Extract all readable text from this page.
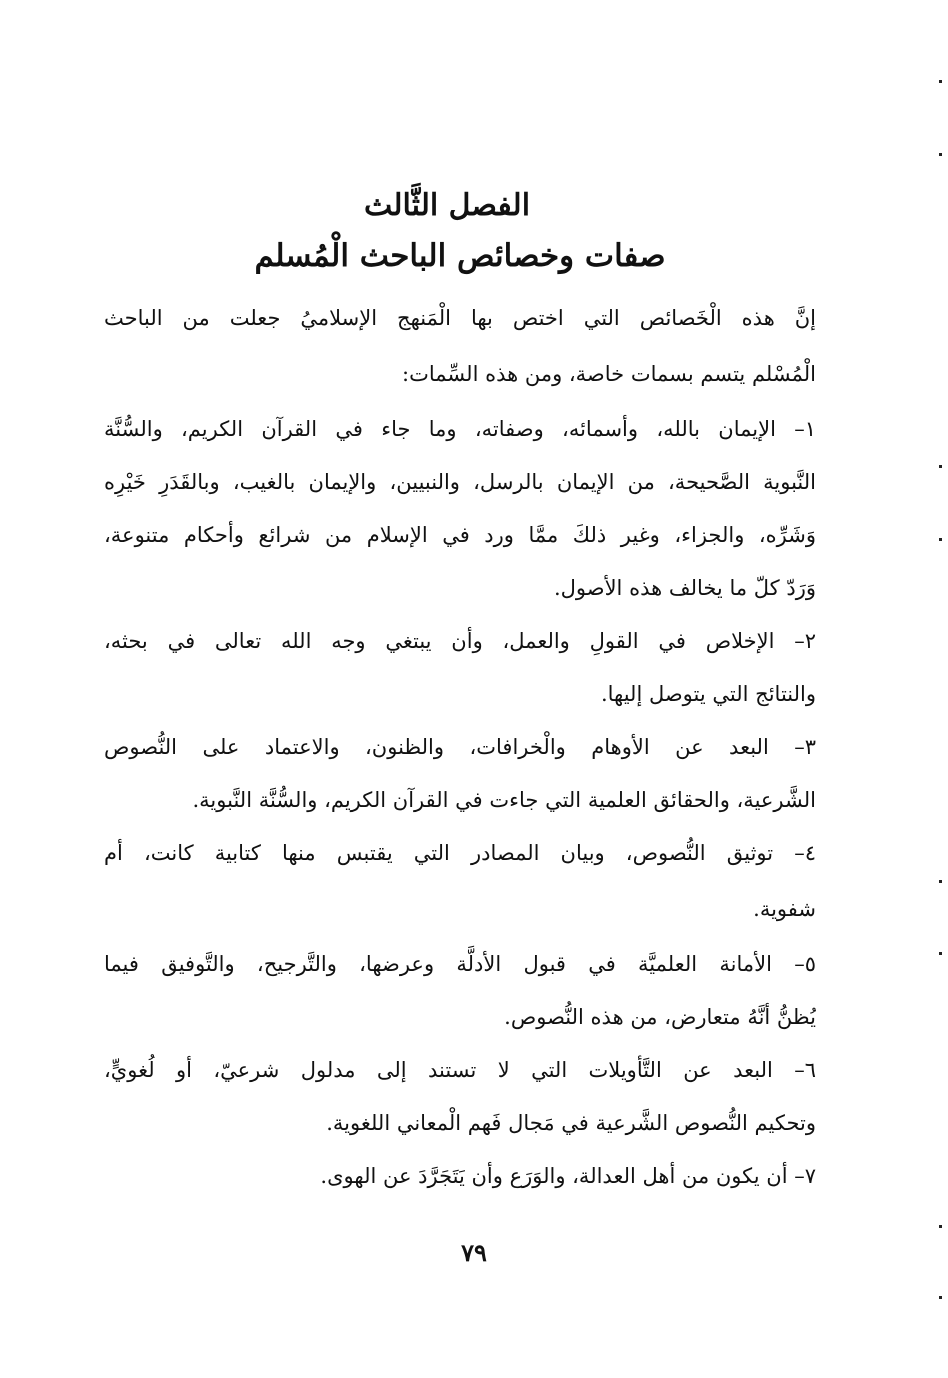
الفصل الثَّالث
صفات وخصائص الباحث الْمُسلم
إنَّ هذه الْخَصائص التي اختص بها الْمَنهج الإسلاميُ جعلت من الباحث
الْمُسْلم يتسم بسمات خاصة، ومن هذه السِّمات:
١– الإيمان بالله، وأسمائه، وصفاته، وما جاء في القرآن الكريم، والسُّنَّة
النَّبوية الصَّحيحة، من الإيمان بالرسل، والنبيين، والإيمان بالغيب، وبالقَدَرِ خَيْرِه
وَشَرِّه، والجزاء، وغير ذلكَ ممَّا ورد في الإسلام من شرائع وأحكام متنوعة،
وَرَدّ كلّ ما يخالف هذه الأصول.
٢– الإخلاص في القولِ والعمل، وأن يبتغي وجه الله تعالى في بحثه،
والنتائج التي يتوصل إليها.
٣– البعد عن الأوهام والْخرافات، والظنون، والاعتماد على النُّصوص
الشَّرعية، والحقائق العلمية التي جاءت في القرآن الكريم، والسُّنَّة النَّبوية.
٤– توثيق النُّصوص، وبيان المصادر التي يقتبس منها كتابية كانت، أم
شفوية.
٥– الأمانة العلميَّة في قبول الأدلَّة وعرضها، والتَّرجيح، والتَّوفيق فيما
يُظنُّ أنَّهُ متعارض، من هذه النُّصوص.
٦– البعد عن التَّأويلات التي لا تستند إلى مدلول شرعيّ، أو لُغويٍّ،
وتحكيم النُّصوص الشَّرعية في مَجال فَهم الْمعاني اللغوية.
٧– أن يكون من أهل العدالة، والوَرَع وأن يَتَجَرَّدَ عن الهوى.
٧٩
